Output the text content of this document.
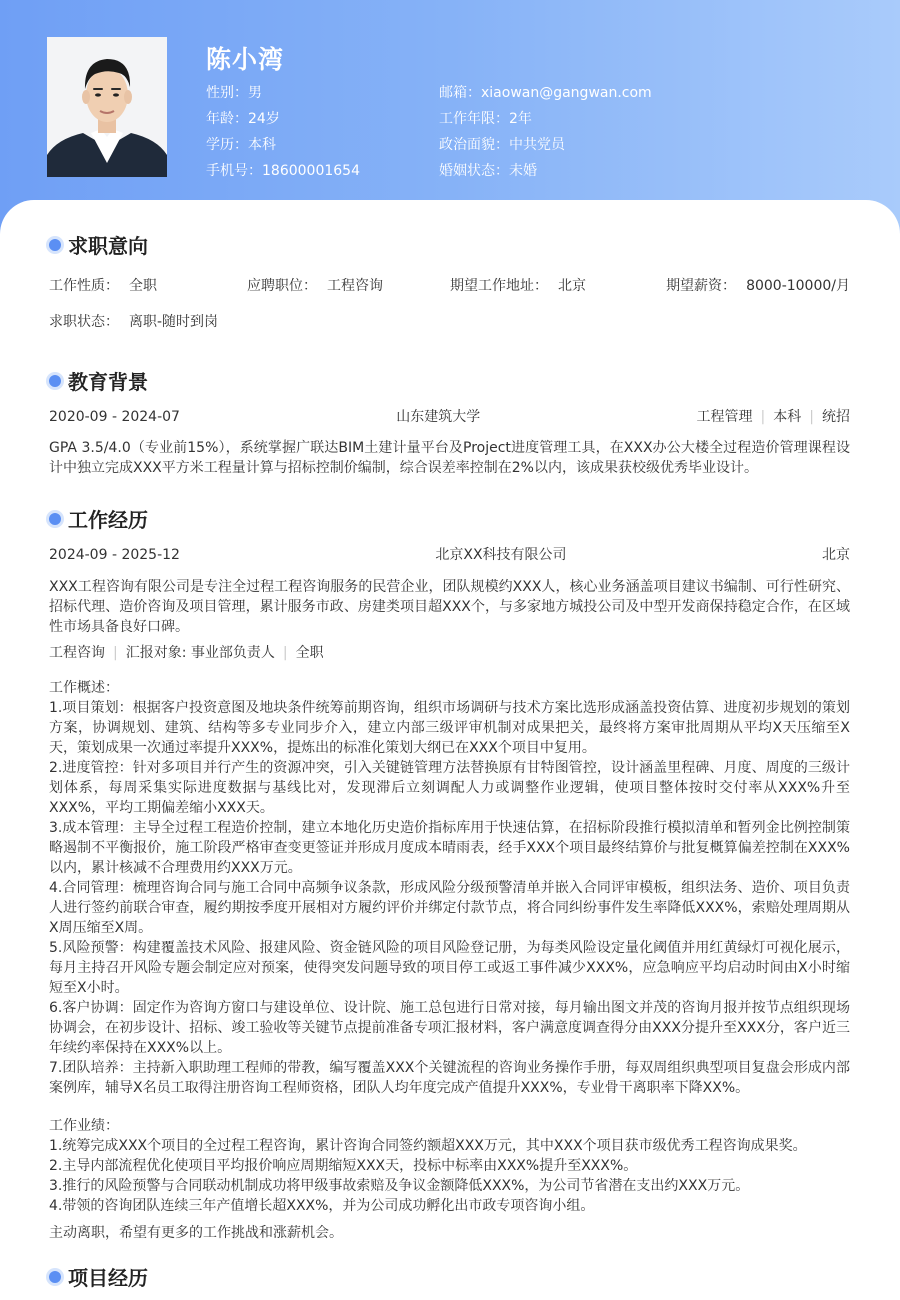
陈小湾
性别：男	邮箱：xiaowan@gangwan.com
年龄：24岁	工作年限：2年
学历：本科	政治面貌：中共党员
手机号：18600001654	婚姻状态：未婚
求职意向
工作性质： 全职	应聘职位： 工程咨询	期望工作地址： 北京	期望薪资： 8000-10000/月
求职状态： 离职-随时到岗
教育背景
2020-09 - 2024-07	山东建筑大学	工程管理 | 本科 | 统招
GPA 3.5/4.0（专业前15%），系统掌握广联达BIM土建计量平台及Project进度管理工具，在XXX办公大楼全过程造价管理课程设计中独立完成XXX平方米工程量计算与招标控制价编制，综合误差率控制在2%以内，该成果获校级优秀毕业设计。
工作经历
2024-09 - 2025-12	北京XX科技有限公司	北京
XXX工程咨询有限公司是专注全过程工程咨询服务的民营企业，团队规模约XXX人，核心业务涵盖项目建议书编制、可行性研究、招标代理、造价咨询及项目管理，累计服务市政、房建类项目超XXX个，与多家地方城投公司及中型开发商保持稳定合作，在区域性市场具备良好口碑。
工程咨询 | 汇报对象: 事业部负责人 | 全职
工作概述：
1.项目策划：根据客户投资意图及地块条件统筹前期咨询，组织市场调研与技术方案比选形成涵盖投资估算、进度初步规划的策划方案，协调规划、建筑、结构等多专业同步介入，建立内部三级评审机制对成果把关，最终将方案审批周期从平均X天压缩至X天，策划成果一次通过率提升XXX%，提炼出的标准化策划大纲已在XXX个项目中复用。
2.进度管控：针对多项目并行产生的资源冲突，引入关键链管理方法替换原有甘特图管控，设计涵盖里程碑、月度、周度的三级计划体系，每周采集实际进度数据与基线比对，发现滞后立刻调配人力或调整作业逻辑，使项目整体按时交付率从XXX%升至XXX%，平均工期偏差缩小XXX天。
3.成本管理：主导全过程工程造价控制，建立本地化历史造价指标库用于快速估算，在招标阶段推行模拟清单和暂列金比例控制策略遏制不平衡报价，施工阶段严格审查变更签证并形成月度成本晴雨表，经手XXX个项目最终结算价与批复概算偏差控制在XXX%以内，累计核减不合理费用约XXX万元。
4.合同管理：梳理咨询合同与施工合同中高频争议条款，形成风险分级预警清单并嵌入合同评审模板，组织法务、造价、项目负责人进行签约前联合审查，履约期按季度开展相对方履约评价并绑定付款节点，将合同纠纷事件发生率降低XXX%，索赔处理周期从X周压缩至X周。
5.风险预警：构建覆盖技术风险、报建风险、资金链风险的项目风险登记册，为每类风险设定量化阈值并用红黄绿灯可视化展示，每月主持召开风险专题会制定应对预案，使得突发问题导致的项目停工或返工事件减少XXX%，应急响应平均启动时间由X小时缩短至X小时。
6.客户协调：固定作为咨询方窗口与建设单位、设计院、施工总包进行日常对接，每月输出图文并茂的咨询月报并按节点组织现场协调会，在初步设计、招标、竣工验收等关键节点提前准备专项汇报材料，客户满意度调查得分由XXX分提升至XXX分，客户近三年续约率保持在XXX%以上。
7.团队培养：主持新入职助理工程师的带教，编写覆盖XXX个关键流程的咨询业务操作手册，每双周组织典型项目复盘会形成内部案例库，辅导X名员工取得注册咨询工程师资格，团队人均年度完成产值提升XXX%，专业骨干离职率下降XX%。
工作业绩：
1.统筹完成XXX个项目的全过程工程咨询，累计咨询合同签约额超XXX万元，其中XXX个项目获市级优秀工程咨询成果奖。
2.主导内部流程优化使项目平均报价响应周期缩短XXX天，投标中标率由XXX%提升至XXX%。
3.推行的风险预警与合同联动机制成功将甲级事故索赔及争议金额降低XXX%，为公司节省潜在支出约XXX万元。
4.带领的咨询团队连续三年产值增长超XXX%，并为公司成功孵化出市政专项咨询小组。
主动离职，希望有更多的工作挑战和涨薪机会。
项目经历
